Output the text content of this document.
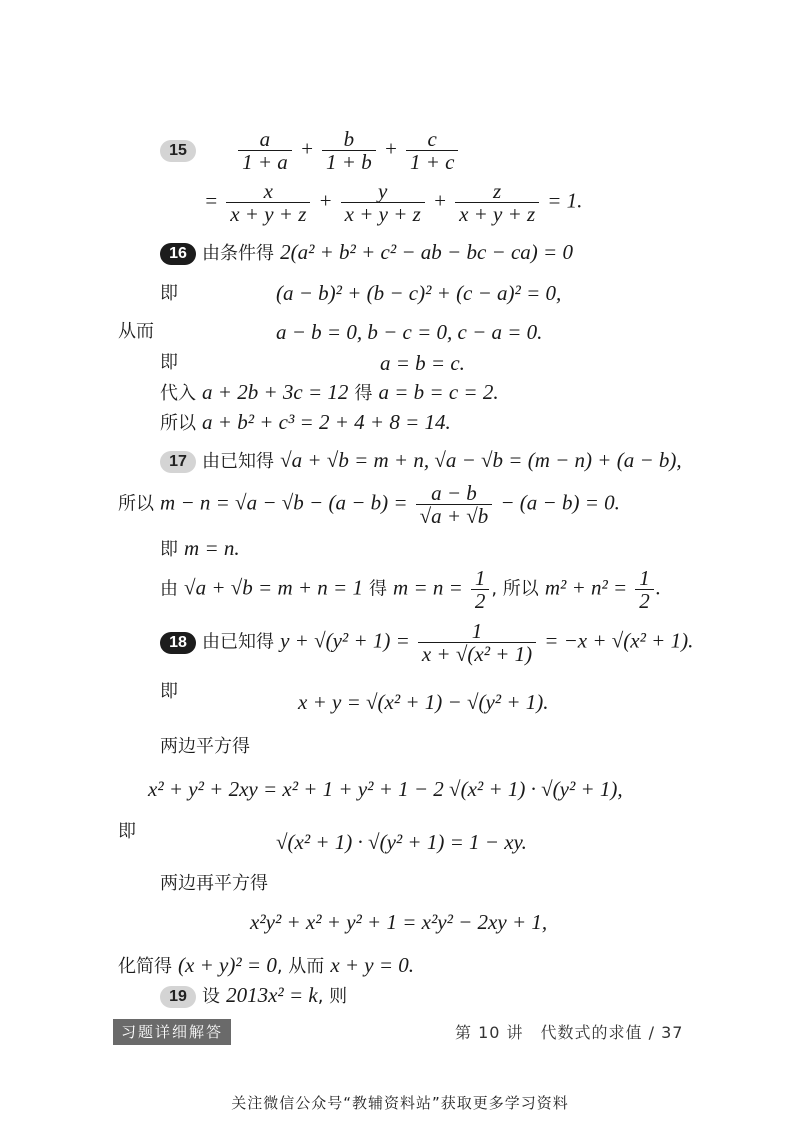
$15 \frac{a}{1 + a} + \frac{b}{1 + b} + \frac{c}{1 + c}$
= $\frac{x}{x + y + z} + \frac{y}{x + y + z} + \frac{z}{x + y + z} = 1$.
16 由条件得 2(a² + b² + c² − ab − bc − ca) = 0
即	(a − b)² + (b − c)² + (c − a)² = 0,
从而	a − b = 0, b − c = 0, c − a = 0.
即	a = b = c.
代入 a + 2b + 3c = 12 得 a = b = c = 2.
所以 a + b² + c³ = 2 + 4 + 8 = 14.
17 由已知得 √a + √b = m + n, √a − √b = (m − n) + (a − b),
所以 $m - n = √a - √b - (a - b) = \frac{a - b}{√a + √b} - (a - b) = 0$.
即 m = n.
由 √a + √b = m + n = 1 得 $m = n = \frac{1}{2}$ , 所以 $m^2 + n^2 = \frac{1}{2}$ .
18 由已知得 $y + √(y^2 + 1) = \frac{1}{\text{x + √(x² + 1)}} = -x + √(x^2 + 1)$.
即	x + y = √(x² + 1) − √(y² + 1).
两边平方得
x² + y² + 2xy = x² + 1 + y² + 1 − 2 √(x² + 1) · √(y² + 1),
即	√(x² + 1) · √(y² + 1) = 1 − xy.
两边再平方得
x²y² + x² + y² + 1 = x²y² − 2xy + 1,
化简得 (x + y)² = 0, 从而 x + y = 0.
19 设 2013x² = k, 则
习题详细解答	第 10 讲　代数式的求值 / 37
关注微信公众号“教辅资料站”获取更多学习资料
